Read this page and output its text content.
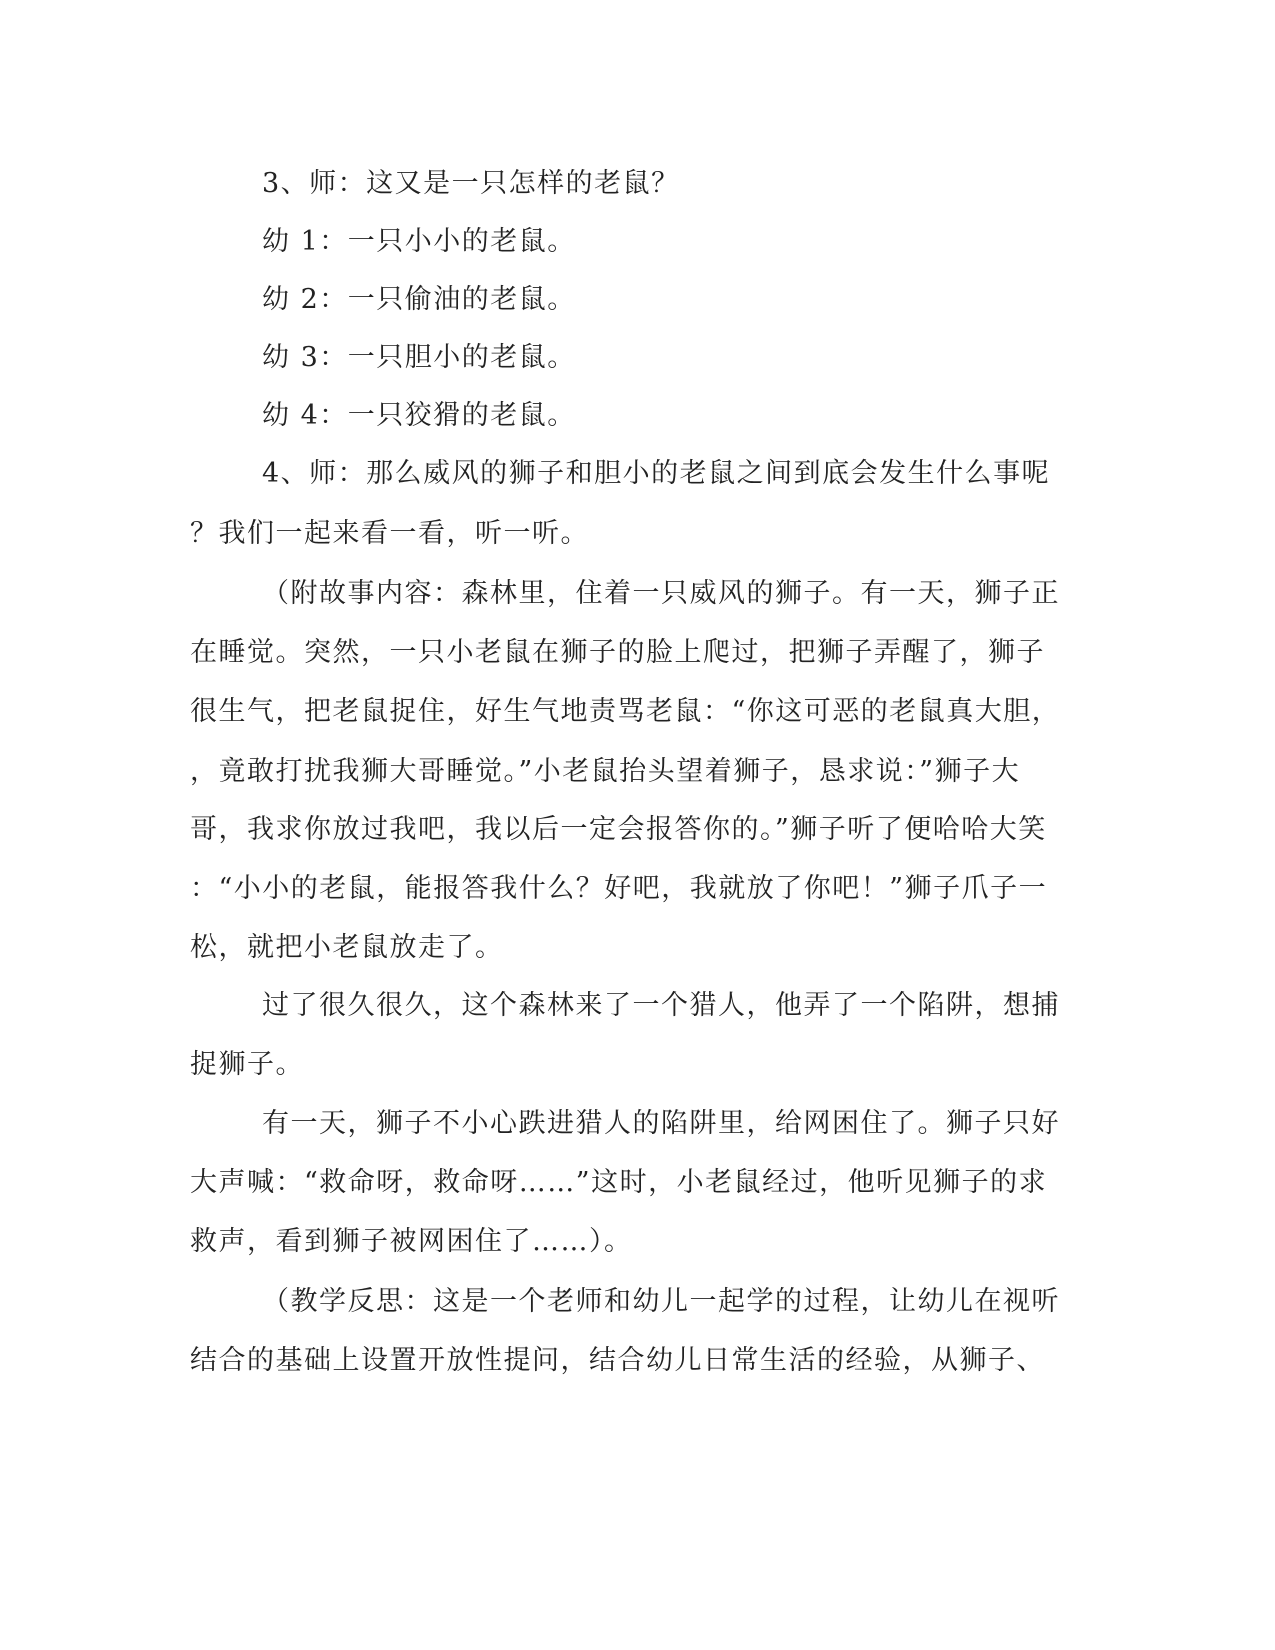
3、师：这又是一只怎样的老鼠？
幼 1：一只小小的老鼠。
幼 2：一只偷油的老鼠。
幼 3：一只胆小的老鼠。
幼 4：一只狡猾的老鼠。
4、师：那么威风的狮子和胆小的老鼠之间到底会发生什么事呢
？我们一起来看一看，听一听。
（附故事内容：森林里，住着一只威风的狮子。有一天，狮子正
在睡觉。突然，一只小老鼠在狮子的脸上爬过，把狮子弄醒了，狮子
很生气，把老鼠捉住，好生气地责骂老鼠：“你这可恶的老鼠真大胆，
，竟敢打扰我狮大哥睡觉。”小老鼠抬头望着狮子，恳求说：”狮子大
哥，我求你放过我吧，我以后一定会报答你的。”狮子听了便哈哈大笑
：“小小的老鼠，能报答我什么？好吧，我就放了你吧！”狮子爪子一
松，就把小老鼠放走了。
过了很久很久，这个森林来了一个猎人，他弄了一个陷阱，想捕
捉狮子。
有一天，狮子不小心跌进猎人的陷阱里，给网困住了。狮子只好
大声喊：“救命呀，救命呀……”这时，小老鼠经过，他听见狮子的求
救声，看到狮子被网困住了……）。
（教学反思：这是一个老师和幼儿一起学的过程，让幼儿在视听
结合的基础上设置开放性提问，结合幼儿日常生活的经验，从狮子、
